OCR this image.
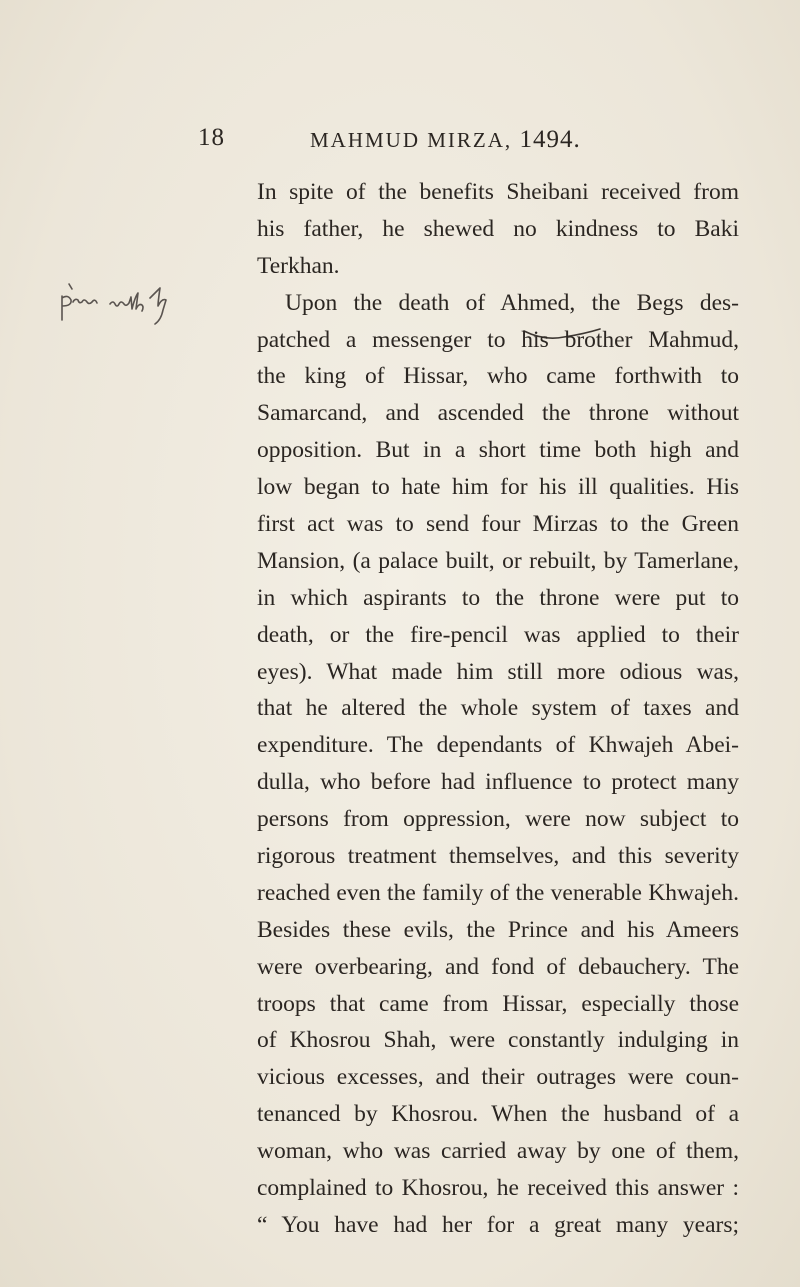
18	MAHMUD MIRZA, 1494.
In spite of the benefits Sheibani received from
his father, he shewed no kindness to Baki
Terkhan.
Upon the death of Ahmed, the Begs des-
patched a messenger to his brother Mahmud,
the king of Hissar, who came forthwith to
Samarcand, and ascended the throne without
opposition. But in a short time both high and
low began to hate him for his ill qualities. His
first act was to send four Mirzas to the Green
Mansion, (a palace built, or rebuilt, by Tamerlane,
in which aspirants to the throne were put to
death, or the fire-pencil was applied to their
eyes). What made him still more odious was,
that he altered the whole system of taxes and
expenditure. The dependants of Khwajeh Abei-
dulla, who before had influence to protect many
persons from oppression, were now subject to
rigorous treatment themselves, and this severity
reached even the family of the venerable Khwajeh.
Besides these evils, the Prince and his Ameers
were overbearing, and fond of debauchery. The
troops that came from Hissar, especially those
of Khosrou Shah, were constantly indulging in
vicious excesses, and their outrages were coun-
tenanced by Khosrou. When the husband of a
woman, who was carried away by one of them,
complained to Khosrou, he received this answer :
“ You have had her for a great many years;
